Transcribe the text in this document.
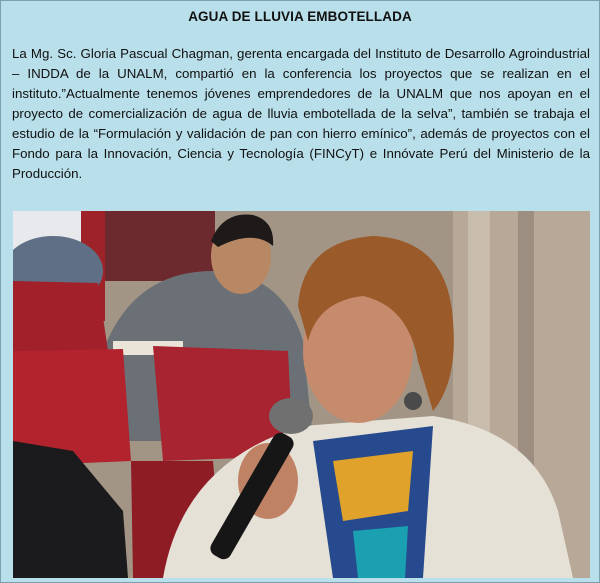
AGUA DE LLUVIA EMBOTELLADA

La Mg. Sc. Gloria Pascual Chagman, gerenta encargada del Instituto de Desarrollo Agroindustrial – INDDA de la UNALM, compartió en la conferencia los proyectos que se realizan en el instituto.”Actualmente tenemos jóvenes emprendedores de la UNALM que nos apoyan en el proyecto de comercialización de agua de lluvia embotellada de la selva”, también se trabaja el estudio de la “Formulación y validación de pan con hierro emínico”, además de proyectos con el Fondo para la Innovación, Ciencia y Tecnología (FINCyT) e Innóvate Perú del Ministerio de la Producción.
